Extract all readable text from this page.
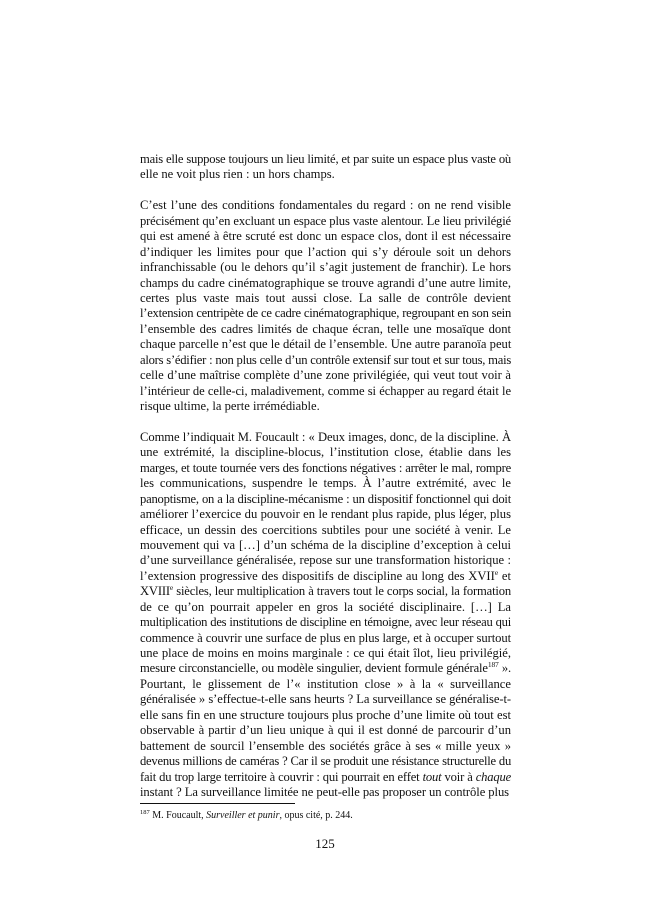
mais elle suppose toujours un lieu limité, et par suite un espace plus vaste où
elle ne voit plus rien : un hors champs.
C’est l’une des conditions fondamentales du regard : on ne rend visible
précisément qu’en excluant un espace plus vaste alentour. Le lieu privilégié
qui est amené à être scruté est donc un espace clos, dont il est nécessaire
d’indiquer les limites pour que l’action qui s’y déroule soit un dehors
infranchissable (ou le dehors qu’il s’agit justement de franchir). Le hors
champs du cadre cinématographique se trouve agrandi d’une autre limite,
certes plus vaste mais tout aussi close. La salle de contrôle devient
l’extension centripète de ce cadre cinématographique, regroupant en son sein
l’ensemble des cadres limités de chaque écran, telle une mosaïque dont
chaque parcelle n’est que le détail de l’ensemble. Une autre paranoïa peut
alors s’édifier : non plus celle d’un contrôle extensif sur tout et sur tous, mais
celle d’une maîtrise complète d’une zone privilégiée, qui veut tout voir à
l’intérieur de celle-ci, maladivement, comme si échapper au regard était le
risque ultime, la perte irrémédiable.
Comme l’indiquait M. Foucault : « Deux images, donc, de la discipline. À
une extrémité, la discipline-blocus, l’institution close, établie dans les
marges, et toute tournée vers des fonctions négatives : arrêter le mal, rompre
les communications, suspendre le temps. À l’autre extrémité, avec le
panoptisme, on a la discipline-mécanisme : un dispositif fonctionnel qui doit
améliorer l’exercice du pouvoir en le rendant plus rapide, plus léger, plus
efficace, un dessin des coercitions subtiles pour une société à venir. Le
mouvement qui va […] d’un schéma de la discipline d’exception à celui
d’une surveillance généralisée, repose sur une transformation historique :
l’extension progressive des dispositifs de discipline au long des XVIIe et
XVIIIe siècles, leur multiplication à travers tout le corps social, la formation
de ce qu’on pourrait appeler en gros la société disciplinaire. […] La
multiplication des institutions de discipline en témoigne, avec leur réseau qui
commence à couvrir une surface de plus en plus large, et à occuper surtout
une place de moins en moins marginale : ce qui était îlot, lieu privilégié,
mesure circonstancielle, ou modèle singulier, devient formule générale$^{187}$ ».
Pourtant, le glissement de l’« institution close » à la « surveillance
généralisée » s’effectue-t-elle sans heurts ? La surveillance se généralise-t-
elle sans fin en une structure toujours plus proche d’une limite où tout est
observable à partir d’un lieu unique à qui il est donné de parcourir d’un
battement de sourcil l’ensemble des sociétés grâce à ses « mille yeux »
devenus millions de caméras ? Car il se produit une résistance structurelle du
fait du trop large territoire à couvrir : qui pourrait en effet tout voir à chaque
instant ? La surveillance limitée ne peut-elle pas proposer un contrôle plus
$^{187}$ M. Foucault, Surveiller et punir, opus cité, p. 244.
125
